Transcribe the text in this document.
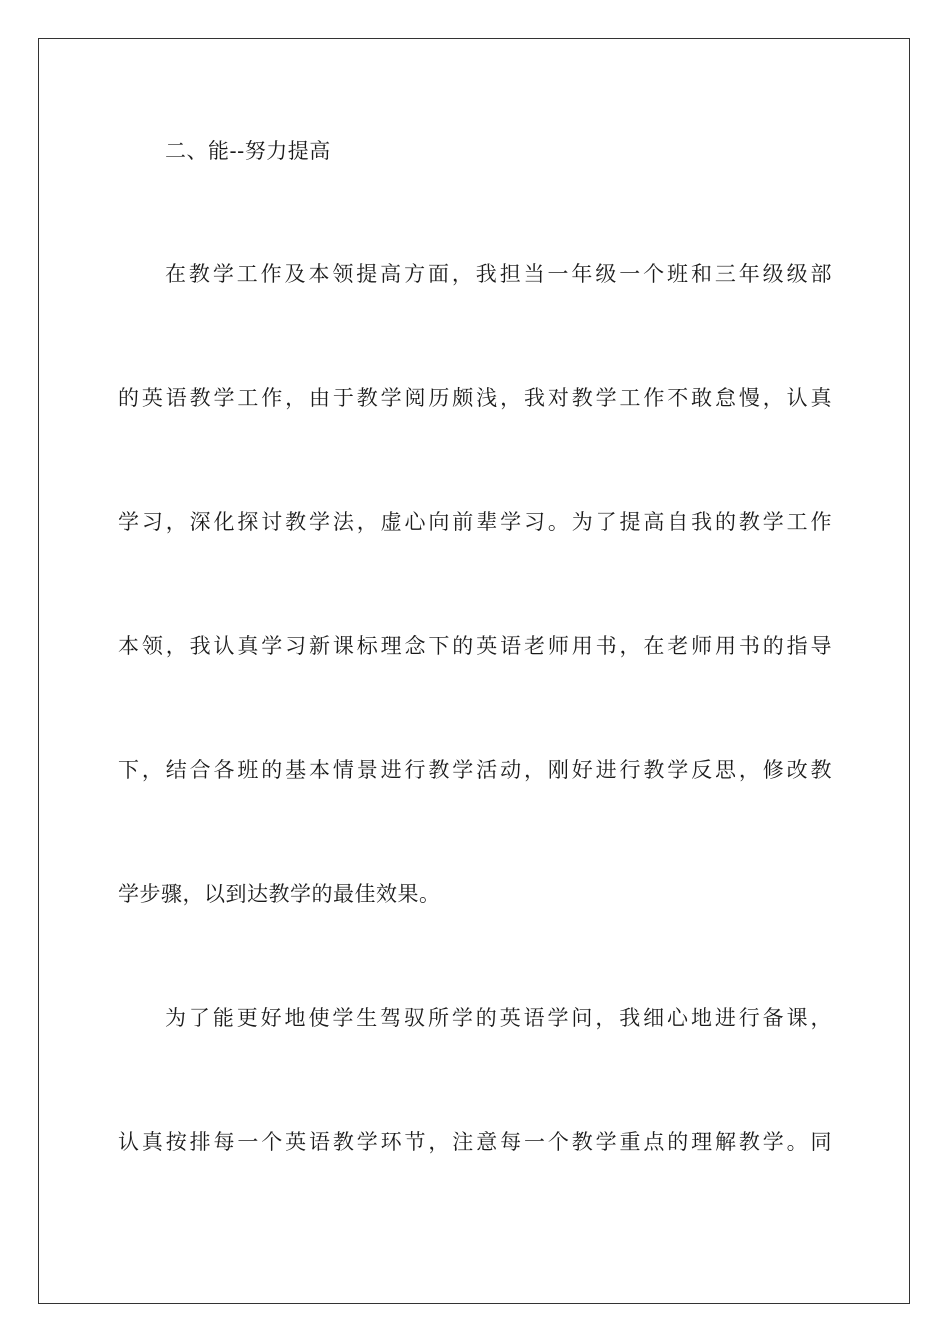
二、能--努力提高
在教学工作及本领提高方面，我担当一年级一个班和三年级级部
的英语教学工作，由于教学阅历颇浅，我对教学工作不敢怠慢，认真
学习，深化探讨教学法，虚心向前辈学习。为了提高自我的教学工作
本领，我认真学习新课标理念下的英语老师用书，在老师用书的指导
下，结合各班的基本情景进行教学活动，刚好进行教学反思，修改教
学步骤，以到达教学的最佳效果。
为了能更好地使学生驾驭所学的英语学问，我细心地进行备课，
认真按排每一个英语教学环节，注意每一个教学重点的理解教学。同
